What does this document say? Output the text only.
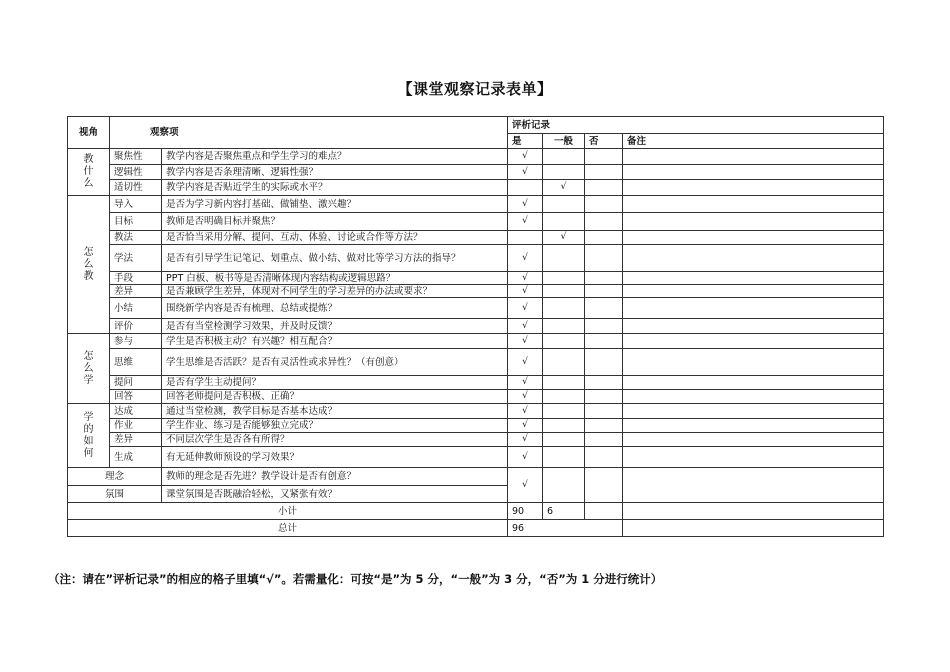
【课堂观察记录表单】
视角	观察项		评析记录			
			是	一般	否	备注
教什么	聚焦性	教学内容是否聚焦重点和学生学习的难点？	√			
	逻辑性	教学内容是否条理清晰、逻辑性强？	√			
	适切性	教学内容是否贴近学生的实际或水平？		√		
怎么教	导入	是否为学习新内容打基础、做铺垫、激兴趣？	√			
	目标	教师是否明确目标并聚焦？	√			
	教法	是否恰当采用分解、提问、互动、体验、讨论或合作等方法？		√		
	学法	是否有引导学生记笔记、划重点、做小结、做对比等学习方法的指导？	√			
	手段	PPT 白板、板书等是否清晰体现内容结构或逻辑思路？	√			
	差异	是否兼顾学生差异，体现对不同学生的学习差异的办法或要求？	√			
	小结	围绕新学内容是否有梳理、总结或提炼？	√			
	评价	是否有当堂检测学习效果，并及时反馈？	√			
怎么学	参与	学生是否积极主动？有兴趣？相互配合？	√			
	思维	学生思维是否活跃？是否有灵活性或求异性？（有创意）	√			
	提问	是否有学生主动提问？	√			
	回答	回答老师提问是否积极、正确？	√			
学的如何	达成	通过当堂检测，教学目标是否基本达成？	√			
	作业	学生作业、练习是否能够独立完成？	√			
	差异	不同层次学生是否各有所得？	√			
	生成	有无延伸教师预设的学习效果？	√			
理念		教师的理念是否先进？教学设计是否有创意？	√			
氛围		课堂氛围是否既融洽轻松，又紧张有效？				
小计			90	6		
总计			96			
（注：请在”评析记录”的相应的格子里填“√”。若需量化：可按“是”为 5 分，“一般”为 3 分，“否”为 1 分进行统计）
